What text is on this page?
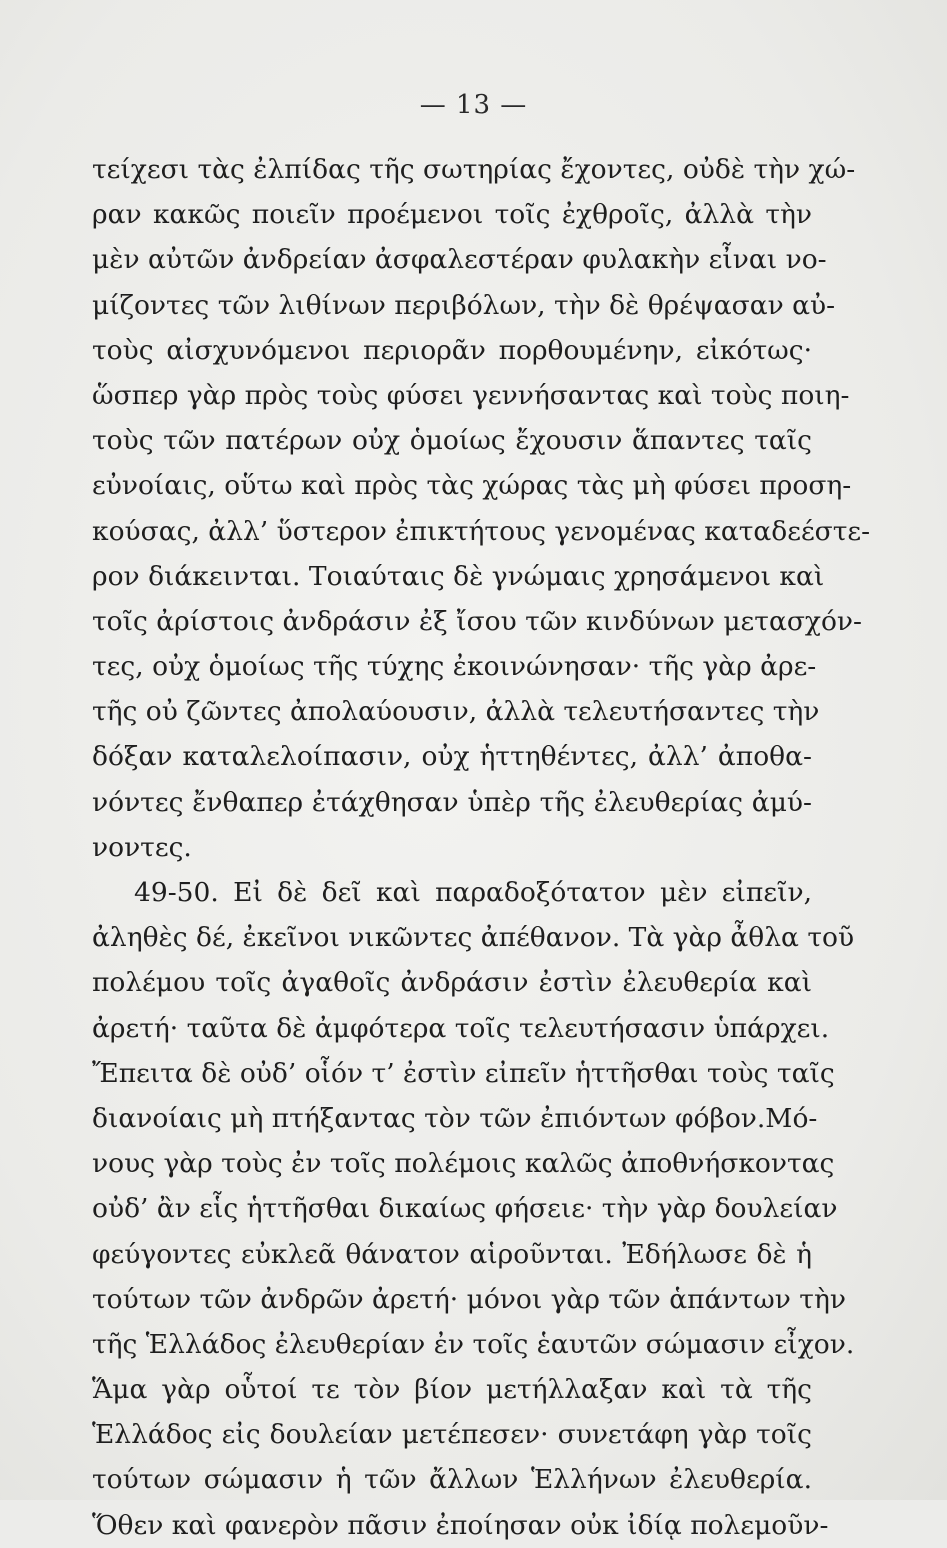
— 13 —
τείχεσι τὰς ἐλπίδας τῆς σωτηρίας ἔχοντες, οὐδὲ τὴν χώ-
ραν κακῶς ποιεῖν προέμενοι τοῖς ἐχθροῖς, ἀλλὰ τὴν
μὲν αὐτῶν ἀνδρείαν ἀσφαλεστέραν φυλακὴν εἶναι νο-
μίζοντες τῶν λιθίνων περιβόλων, τὴν δὲ θρέψασαν αὐ-
τοὺς αἰσχυνόμενοι περιορᾶν πορθουμένην, εἰκότως·
ὥσπερ γὰρ πρὸς τοὺς φύσει γεννήσαντας καὶ τοὺς ποιη-
τοὺς τῶν πατέρων οὐχ ὁμοίως ἔχουσιν ἅπαντες ταῖς
εὐνοίαις, οὕτω καὶ πρὸς τὰς χώρας τὰς μὴ φύσει προση-
κούσας, ἀλλ’ ὕστερον ἐπικτήτους γενομένας καταδεέστε-
ρον διάκεινται. Τοιαύταις δὲ γνώμαις χρησάμενοι καὶ
τοῖς ἀρίστοις ἀνδράσιν ἐξ ἴσου τῶν κινδύνων μετασχόν-
τες, οὐχ ὁμοίως τῆς τύχης ἐκοινώνησαν· τῆς γὰρ ἀρε-
τῆς οὐ ζῶντες ἀπολαύουσιν, ἀλλὰ τελευτήσαντες τὴν
δόξαν καταλελοίπασιν, οὐχ ἡττηθέντες, ἀλλ’ ἀποθα-
νόντες ἔνθαπερ ἐτάχθησαν ὑπὲρ τῆς ἐλευθερίας ἀμύ-
νοντες.
49-50. Εἰ δὲ δεῖ καὶ παραδοξότατον μὲν εἰπεῖν,
ἀληθὲς δέ, ἐκεῖνοι νικῶντες ἀπέθανον. Τὰ γὰρ ἆθλα τοῦ
πολέμου τοῖς ἀγαθοῖς ἀνδράσιν ἐστὶν ἐλευθερία καὶ
ἀρετή· ταῦτα δὲ ἀμφότερα τοῖς τελευτήσασιν ὑπάρχει.
Ἔπειτα δὲ οὐδ’ οἷόν τ’ ἐστὶν εἰπεῖν ἡττῆσθαι τοὺς ταῖς
διανοίαις μὴ πτήξαντας τὸν τῶν ἐπιόντων φόβον.Μό-
νους γὰρ τοὺς ἐν τοῖς πολέμοις καλῶς ἀποθνήσκοντας
οὐδ’ ἂν εἷς ἡττῆσθαι δικαίως φήσειε· τὴν γὰρ δουλείαν
φεύγοντες εὐκλεᾶ θάνατον αἱροῦνται. Ἐδήλωσε δὲ ἡ
τούτων τῶν ἀνδρῶν ἀρετή· μόνοι γὰρ τῶν ἁπάντων τὴν
τῆς Ἑλλάδος ἐλευθερίαν ἐν τοῖς ἑαυτῶν σώμασιν εἶχον.
Ἅμα γὰρ οὗτοί τε τὸν βίον μετήλλαξαν καὶ τὰ τῆς
Ἑλλάδος εἰς δουλείαν μετέπεσεν· συνετάφη γὰρ τοῖς
τούτων σώμασιν ἡ τῶν ἄλλων Ἑλλήνων ἐλευθερία.
Ὅθεν καὶ φανερὸν πᾶσιν ἐποίησαν οὐκ ἰδίᾳ πολεμοῦν-
